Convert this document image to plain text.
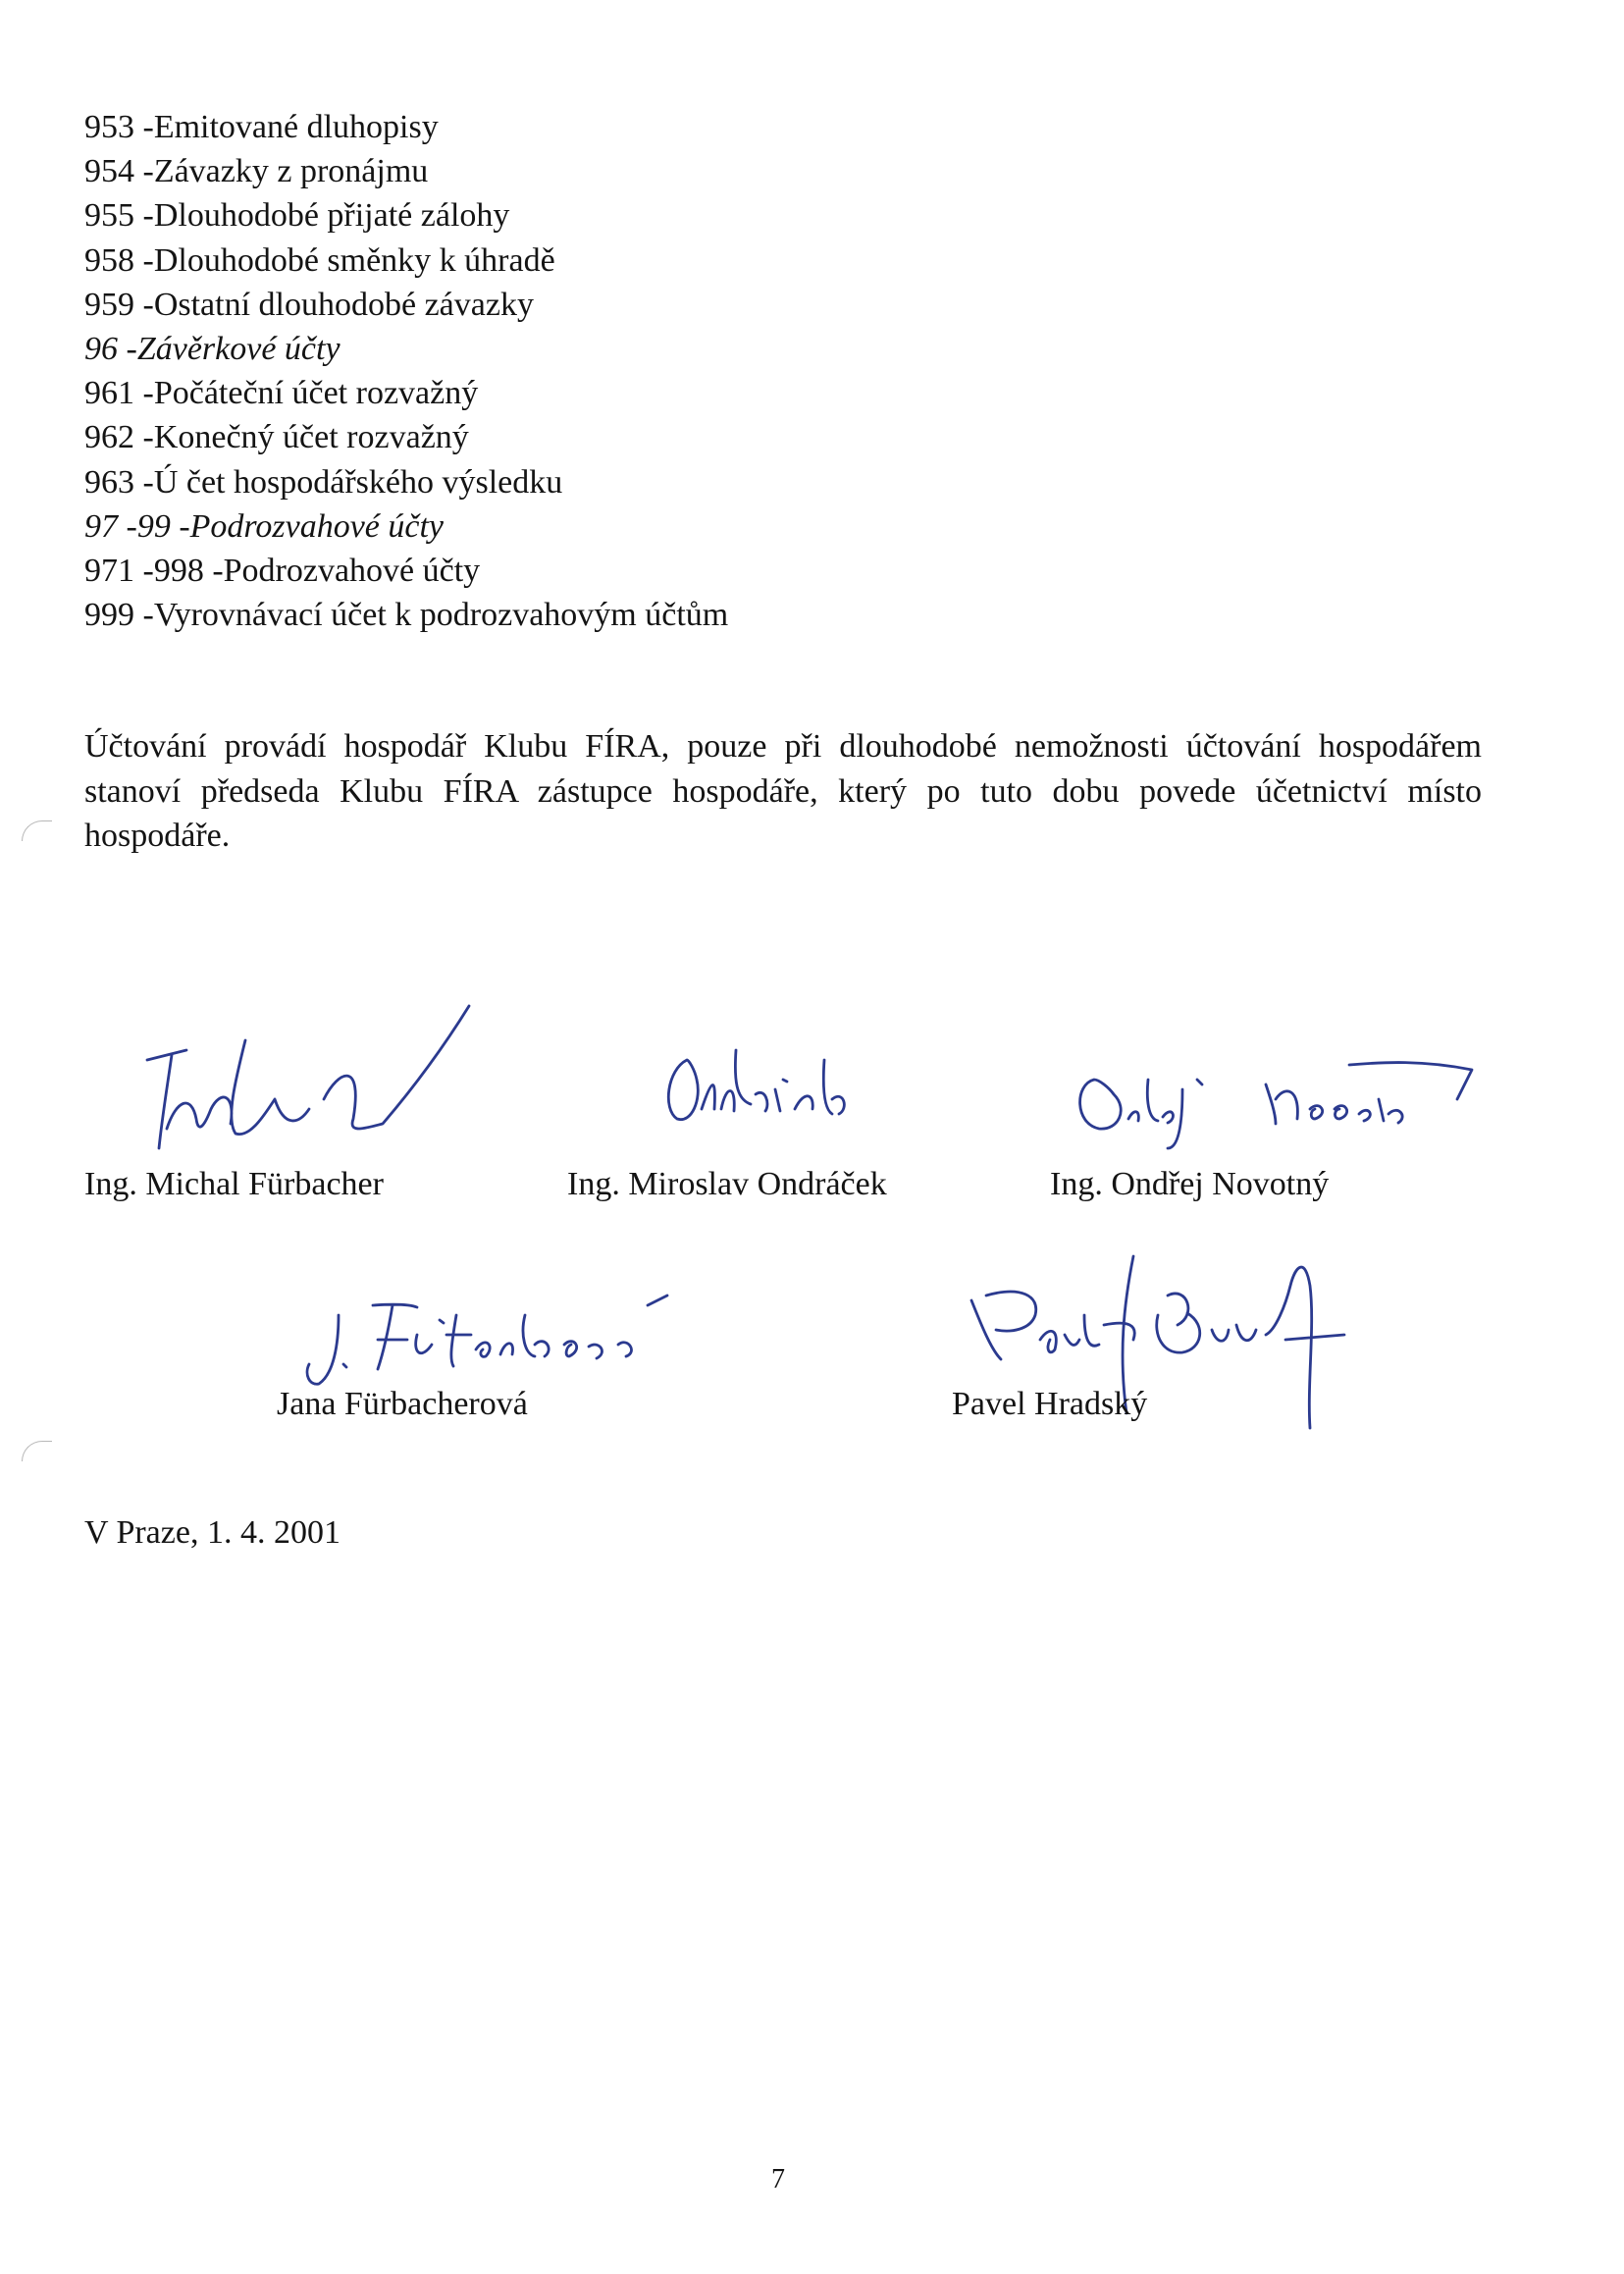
953 -Emitované dluhopisy
954 -Závazky z pronájmu
955 -Dlouhodobé přijaté zálohy
958 -Dlouhodobé směnky k úhradě
959 -Ostatní dlouhodobé závazky
96 -Závěrkové účty
961 -Počáteční účet rozvažný
962 -Konečný účet rozvažný
963 -Ú čet hospodářského výsledku
97 -99 -Podrozvahové účty
971 -998 -Podrozvahové účty
999 -Vyrovnávací účet k podrozvahovým účtům
Účtování provádí hospodář Klubu FÍRA, pouze při dlouhodobé nemožnosti účtování hospodářem stanoví předseda Klubu FÍRA zástupce hospodáře, který po tuto dobu povede účetnictví místo hospodáře.
Ing. Michal Fürbacher	Ing. Miroslav Ondráček	Ing. Ondřej Novotný
Jana Fürbacherová	Pavel Hradský
V Praze, 1. 4. 2001
7
